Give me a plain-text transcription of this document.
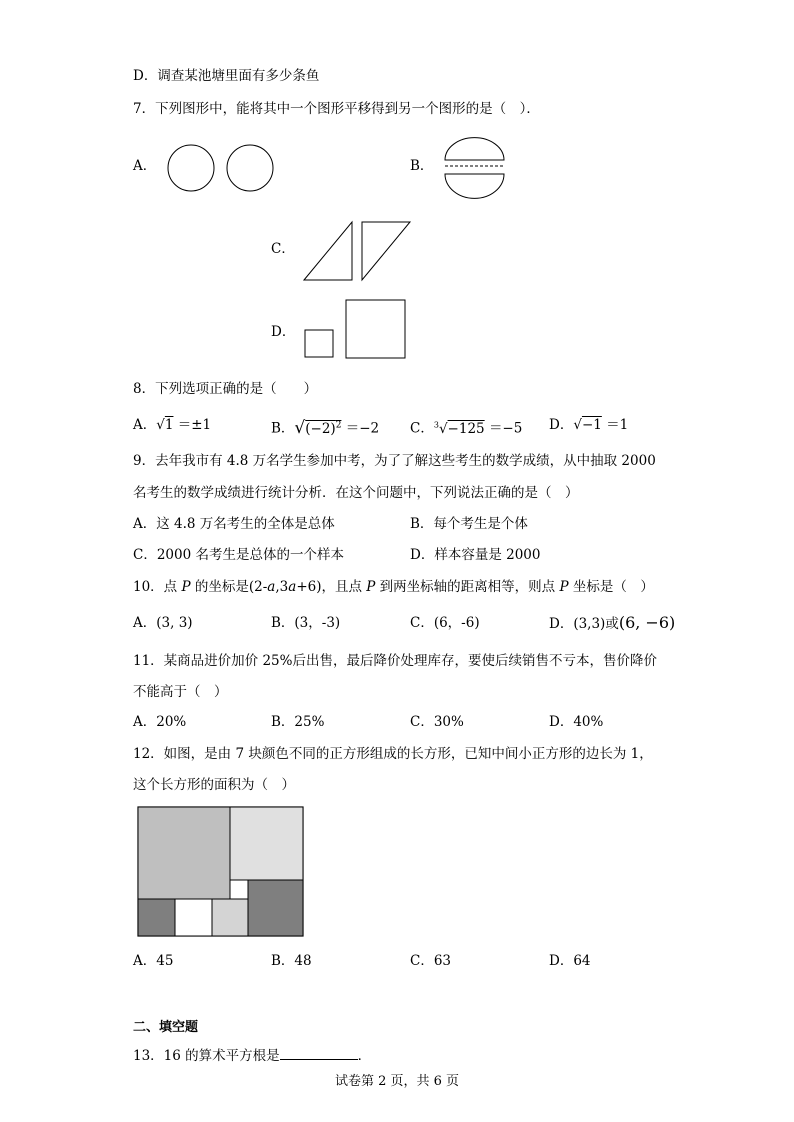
D．调查某池塘里面有多少条鱼
7．下列图形中，能将其中一个图形平移得到另一个图形的是（　）．
A．	B．
C．
D．
8．下列选项正确的是（　　）
A．√1 ＝±1	B．$√(-2)^2 =-2$ C．$^3$√−125 ＝−5 D．√−1 ＝1
9．去年我市有 4.8 万名学生参加中考，为了了解这些考生的数学成绩，从中抽取 2000
名考生的数学成绩进行统计分析．在这个问题中，下列说法正确的是（　）
A．这 4.8 万名考生的全体是总体	B．每个考生是个体
C．2000 名考生是总体的一个样本	D．样本容量是 2000
10．点 P 的坐标是(2-a,3a+6)，且点 P 到两坐标轴的距离相等，则点 P 坐标是（　）
A．(3, 3)	B．(3，-3)	C．(6，-6)	D．(3,3)或(6, −6)
11．某商品进价加价 25%后出售，最后降价处理库存，要使后续销售不亏本，售价降价
不能高于（　）
A．20%	B．25%	C．30%	D．40%
12．如图，是由 7 块颜色不同的正方形组成的长方形，已知中间小正方形的边长为 1，
这个长方形的面积为（　）
A．45	B．48	C．63	D．64
二、填空题
13．16 的算术平方根是	．
试卷第 2 页，共 6 页
